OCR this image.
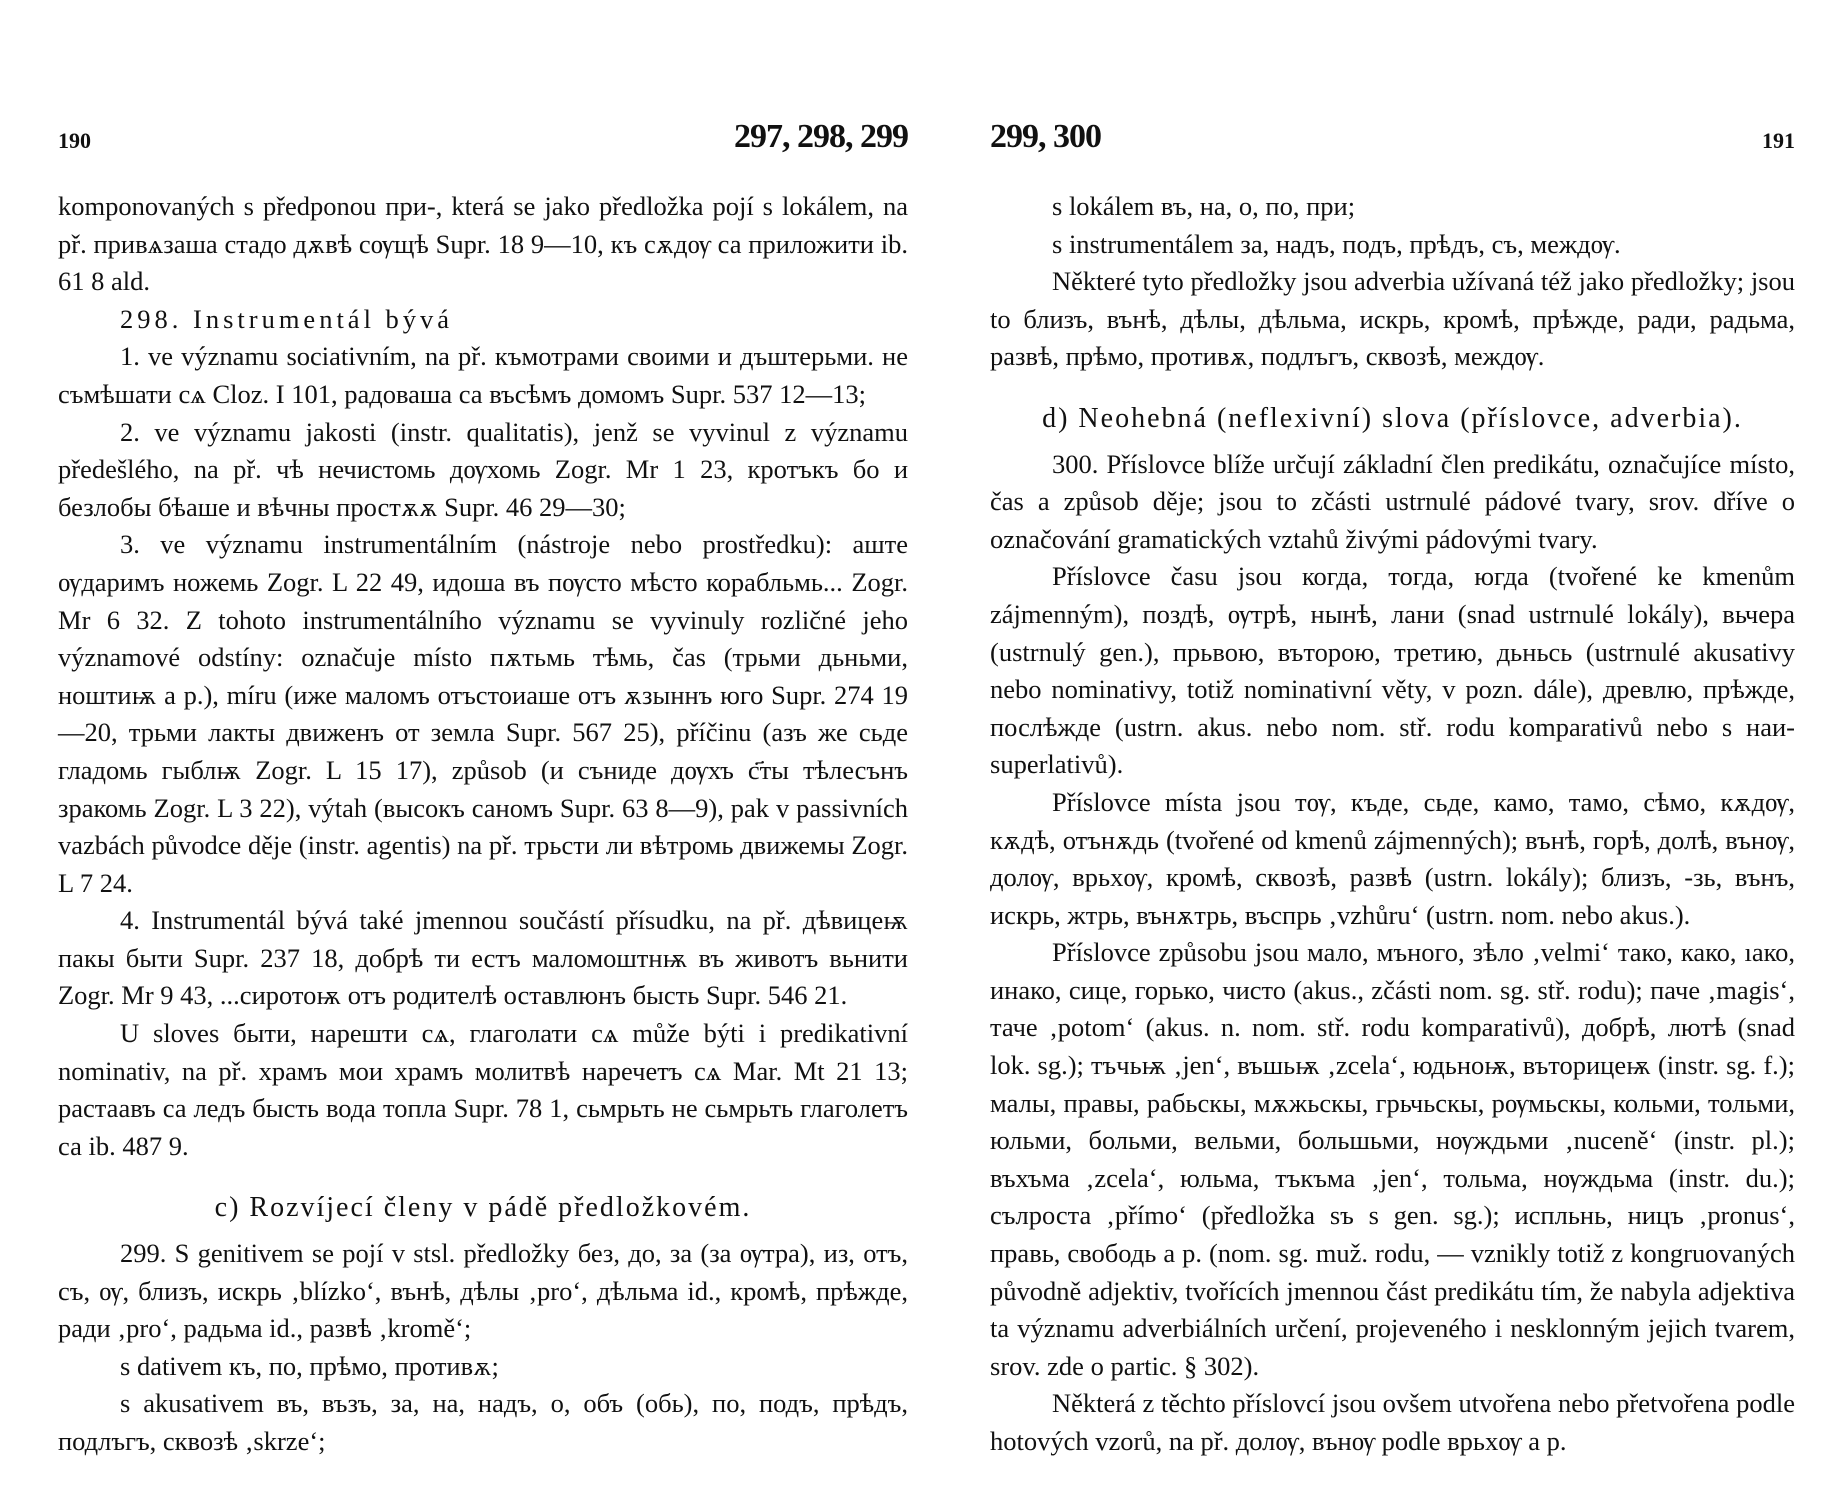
190	297, 298, 299

komponovaných s předponou при-, která se jako předložka pojí s lokálem, na př. привѧзаша стадо дѫвѣ сѹщѣ Supr. 18 9—10, къ сѫдѹ са приложити ib. 61 8 ald.

298. Instrumentál bývá

1. ve významu sociativním, na př. къмотрами своими и дъштерьми. не съмѣшати сѧ Cloz. I 101, радоваша са въсѣмъ домомъ Supr. 537 12—13;

2. ve významu jakosti (instr. qualitatis), jenž se vyvinul z významu předešlého, na př. чѣ нечистомь дѹхомь Zogr. Mr 1 23, кротъкъ бо и безлобы бѣаше и вѣчны простѫѫ Supr. 46 29—30;

3. ve významu instrumentálním (nástroje nebo prostředku): аште ѹдаримъ ножемь Zogr. L 22 49, идоша въ пѹсто мѣсто корабльмь... Zogr. Mr 6 32. Z tohoto instrumentálního významu se vyvinuly rozličné jeho významové odstíny: označuje místo пѫтьмь тѣмь, čas (трьми дьньми, ноштиѭ a p.), míru (иже маломъ отъстоиаше отъ ѫзыннъ юго Supr. 274 19—20, трьми лакты движенъ от земла Supr. 567 25), příčinu (азъ же сьде гладомь гыблѭ Zogr. L 15 17), způsob (и съниде дѹхъ с҃ты тѣлесънъ зракомь Zogr. L 3 22), výtah (высокъ саномъ Supr. 63 8—9), pak v passivních vazbách původce děje (instr. agentis) na př. трьсти ли вѣтромь движемы Zogr. L 7 24.

4. Instrumentál bývá také jmennou součástí přísudku, na př. дѣвицеѭ пакы быти Supr. 237 18, добрѣ ти естъ маломоштнѭ въ животъ вьнити Zogr. Mr 9 43, ...сиротоѭ отъ родителѣ оставлюнъ бысть Supr. 546 21.

U sloves быти, нарешти сѧ, глаголати сѧ může býti i predikativní nominativ, na př. храмъ мои храмъ молитвѣ наречетъ сѧ Mar. Mt 21 13; растаавъ са ледъ бысть вода топла Supr. 78 1, сьмрьть не сьмрьть глаголетъ са ib. 487 9.

c) Rozvíjecí členy v pádě předložkovém.

299. S genitivem se pojí v stsl. předložky без, до, за (за ѹтра), из, отъ, съ, ѹ, близъ, искрь ‚blízko‘, вънѣ, дѣлы ‚pro‘, дѣльма id., кромѣ, прѣжде, ради ‚pro‘, радьма id., развѣ ‚kromě‘;

s dativem къ, по, прѣмо, противѫ;

s akusativem въ, възъ, за, на, надъ, о, объ (обь), по, подъ, прѣдъ, подлъгъ, сквозѣ ‚skrze‘;

299, 300	191

s lokálem въ, на, о, по, при;

s instrumentálem за, надъ, подъ, прѣдъ, съ, междѹ.

Některé tyto předložky jsou adverbia užívaná též jako předložky; jsou to близъ, вънѣ, дѣлы, дѣльма, искрь, кромѣ, прѣжде, ради, радьма, развѣ, прѣмо, противѫ, подлъгъ, сквозѣ, междѹ.

d) Neohebná (neflexivní) slova (příslovce, adverbia).

300. Příslovce blíže určují základní člen predikátu, označujíce místo, čas a způsob děje; jsou to zčásti ustrnulé pádové tvary, srov. dříve o označování gramatických vztahů živými pádovými tvary.

Příslovce času jsou когда, тогда, югда (tvořené ke kmenům zájmenným), поздѣ, ѹтрѣ, нынѣ, лани (snad ustrnulé lokály), вьчера (ustrnulý gen.), прьвою, въторою, третию, дьньсь (ustrnulé akusativy nebo nominativy, totiž nominativní věty, v pozn. dále), древлю, прѣжде, послѣжде (ustrn. akus. nebo nom. stř. rodu komparativů nebo s наи- superlativů).

Příslovce místa jsou тѹ, къде, сьде, камо, тамо, сѣмо, кѫдѹ, кѫдѣ, отънѫдь (tvořené od kmenů zájmenných); вънѣ, горѣ, долѣ, вънѹ, долѹ, врьхѹ, кромѣ, сквозѣ, развѣ (ustrn. lokály); близъ, -зь, вънъ, искрь, жтрь, вънѫтрь, въспрь ‚vzhůru‘ (ustrn. nom. nebo akus.).

Příslovce způsobu jsou мало, мъного, зѣло ‚velmi‘ тако, како, ıако, инако, сице, горько, чисто (akus., zčásti nom. sg. stř. rodu); паче ‚magis‘, таче ‚potom‘ (akus. n. nom. stř. rodu komparativů), добрѣ, лютѣ (snad lok. sg.); тъчьѭ ‚jen‘, въшьѭ ‚zcela‘, юдьноѭ, въторицеѭ (instr. sg. f.); малы, правы, рабьскы, мѫжьскы, грьчьскы, рѹмьскы, кольми, тольми, юльми, больми, вельми, большьми, нѹждьми ‚nuceně‘ (instr. pl.); въхъма ‚zcela‘, юльма, тъкъма ‚jen‘, тольма, нѹждьма (instr. du.); сълроста ‚přímo‘ (předložka sъ s gen. sg.); испльнь, ницъ ‚pronus‘, правь, свободь a p. (nom. sg. muž. rodu, — vznikly totiž z kongruovaných původně adjektiv, tvořících jmennou část predikátu tím, že nabyla adjektiva ta významu adverbiálních určení, projeveného i nesklonným jejich tvarem, srov. zde o partic. § 302).

Některá z těchto příslovcí jsou ovšem utvořena nebo přetvořena podle hotových vzorů, na př. долѹ, вънѹ podle врьхѹ a p.
